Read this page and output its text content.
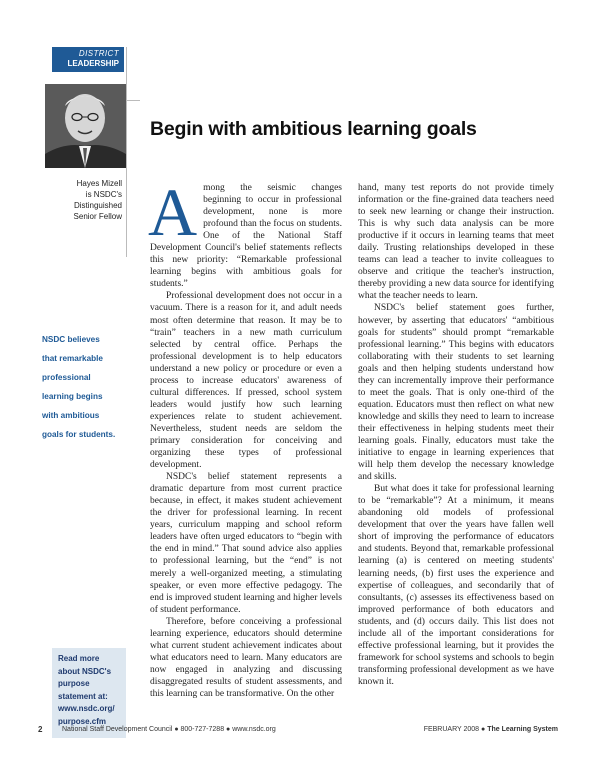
DISTRICT
LEADERSHIP
Hayes Mizell
is NSDC's
Distinguished
Senior Fellow
NSDC believes
that remarkable
professional
learning begins
with ambitious
goals for students.
Read more
about NSDC's
purpose
statement at:
www.nsdc.org/
purpose.cfm
Begin with ambitious learning goals

Among the seismic changes beginning to occur in professional development, none is more profound than the focus on students. One of the National Staff Development Council's belief statements reflects this new priority: “Remarkable professional learning begins with ambitious goals for students.”

Professional development does not occur in a vacuum. There is a reason for it, and adult needs most often determine that reason. It may be to “train” teachers in a new math curriculum selected by central office. Perhaps the professional development is to help educators understand a new policy or procedure or even a process to increase educators' awareness of cultural differences. If pressed, school system leaders would justify how such learning experiences relate to student achievement. Nevertheless, student needs are seldom the primary consideration for conceiving and organizing these types of professional development.

NSDC's belief statement represents a dramatic departure from most current practice because, in effect, it makes student achievement the driver for professional learning. In recent years, curriculum mapping and school reform leaders have often urged educators to “begin with the end in mind.” That sound advice also applies to professional learning, but the “end” is not merely a well-organized meeting, a stimulating speaker, or even more effective pedagogy. The end is improved student learning and higher levels of student performance.

Therefore, before conceiving a professional learning experience, educators should determine what current student achievement indicates about what educators need to learn. Many educators are now engaged in analyzing and discussing disaggregated results of student assessments, and this learning can be transformative. On the other

hand, many test reports do not provide timely information or the fine-grained data teachers need to seek new learning or change their instruction. This is why such data analysis can be more productive if it occurs in learning teams that meet daily. Trusting relationships developed in these teams can lead a teacher to invite colleagues to observe and critique the teacher's instruction, thereby providing a new data source for identifying what the teacher needs to learn.

NSDC's belief statement goes further, however, by asserting that educators' “ambitious goals for students” should prompt “remarkable professional learning.” This begins with educators collaborating with their students to set learning goals and then helping students understand how they can incrementally improve their performance to meet the goals. That is only one-third of the equation. Educators must then reflect on what new knowledge and skills they need to learn to increase their effectiveness in helping students meet their learning goals. Finally, educators must take the initiative to engage in learning experiences that will help them develop the necessary knowledge and skills.

But what does it take for professional learning to be “remarkable”? At a minimum, it means abandoning old models of professional development that over the years have fallen well short of improving the performance of educators and students. Beyond that, remarkable professional learning (a) is centered on meeting students' learning needs, (b) first uses the experience and expertise of colleagues, and secondarily that of consultants, (c) assesses its effectiveness based on improved performance of both educators and students, and (d) occurs daily. This list does not include all of the important considerations for effective professional learning, but it provides the framework for school systems and schools to begin transforming professional development as we have known it.

2	National Staff Development Council ● 800-727-7288 ● www.nsdc.org	FEBRUARY 2008 ● The Learning System
